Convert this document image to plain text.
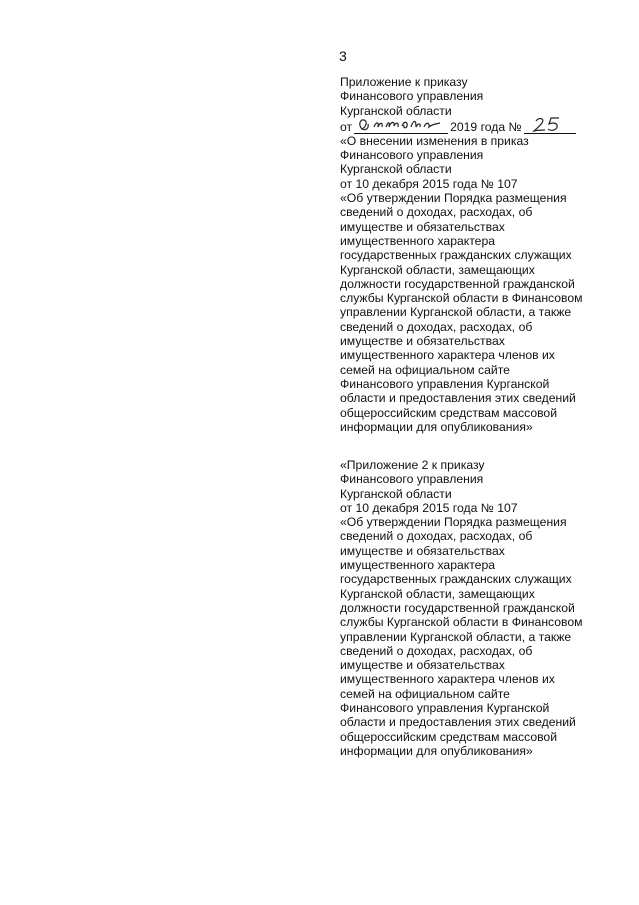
3
Приложение к приказу
Финансового управления
Курганской области
от	2019 года №
«О внесении изменения в приказ
Финансового управления
Курганской области
от 10 декабря 2015 года № 107
«Об утверждении Порядка размещения
сведений о доходах, расходах, об
имуществе и обязательствах
имущественного характера
государственных гражданских служащих
Курганской области, замещающих
должности государственной гражданской
службы Курганской области в Финансовом
управлении Курганской области, а также
сведений о доходах, расходах, об
имуществе и обязательствах
имущественного характера членов их
семей на официальном сайте
Финансового управления Курганской
области и предоставления этих сведений
общероссийским средствам массовой
информации для опубликования»
«Приложение 2 к приказу
Финансового управления
Курганской области
от 10 декабря 2015 года № 107
«Об утверждении Порядка размещения
сведений о доходах, расходах, об
имуществе и обязательствах
имущественного характера
государственных гражданских служащих
Курганской области, замещающих
должности государственной гражданской
службы Курганской области в Финансовом
управлении Курганской области, а также
сведений о доходах, расходах, об
имуществе и обязательствах
имущественного характера членов их
семей на официальном сайте
Финансового управления Курганской
области и предоставления этих сведений
общероссийским средствам массовой
информации для опубликования»
